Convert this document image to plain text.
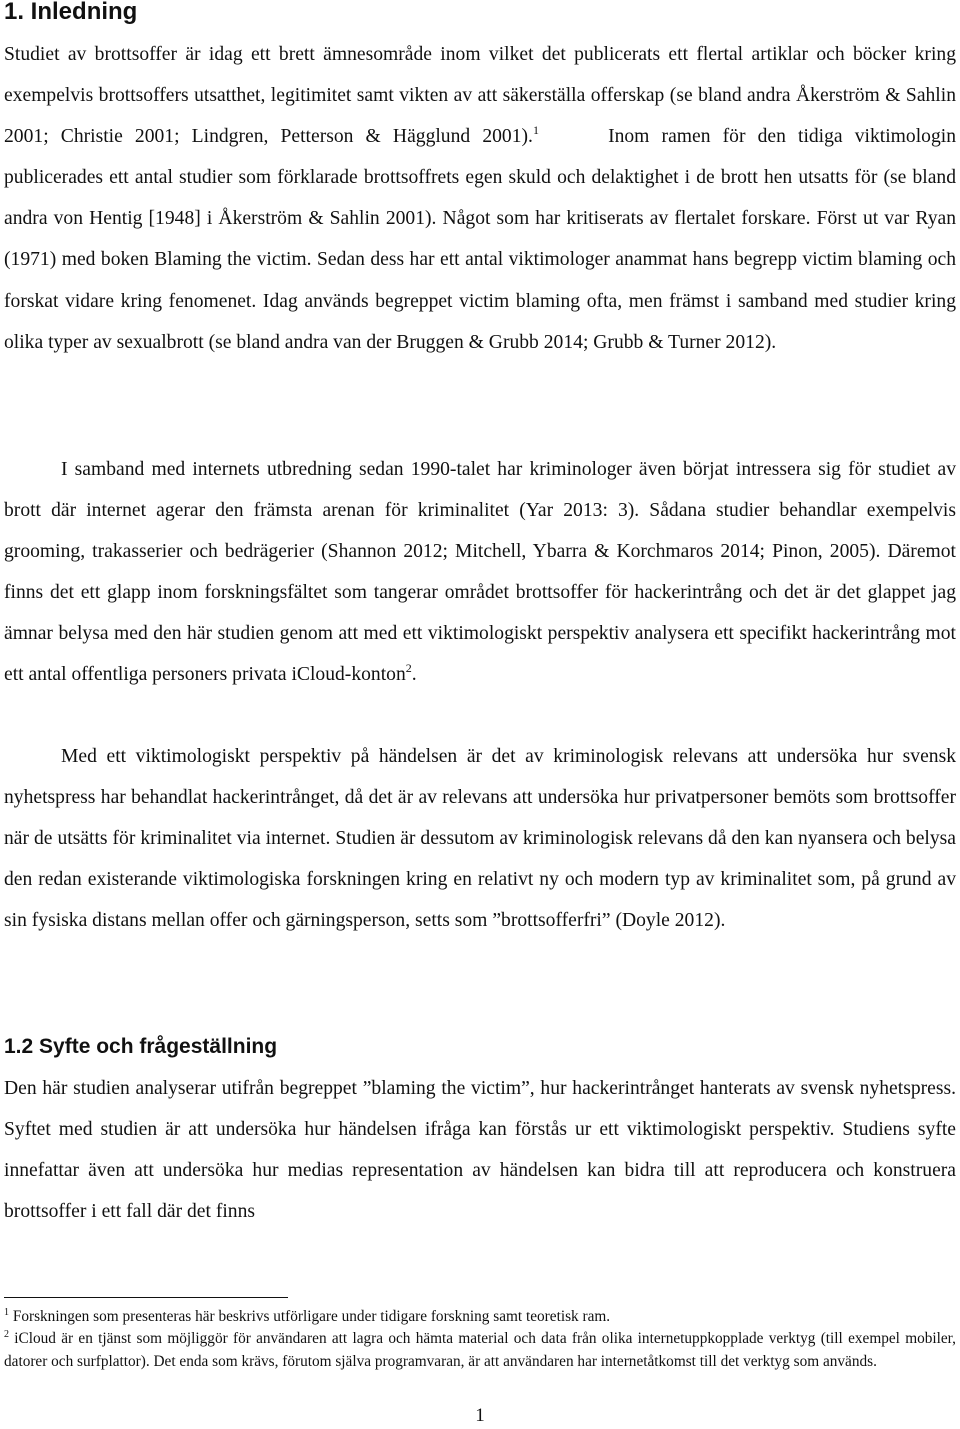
1. Inledning
Studiet av brottsoffer är idag ett brett ämnesområde inom vilket det publicerats ett flertal artiklar och böcker kring exempelvis brottsoffers utsatthet, legitimitet samt vikten av att säkerställa offerskap (se bland andra Åkerström & Sahlin 2001; Christie 2001; Lindgren, Petterson & Hägglund 2001).$^1$	Inom ramen för den tidiga viktimologin publicerades ett antal studier som förklarade brottsoffrets egen skuld och delaktighet i de brott hen utsatts för (se bland andra von Hentig [1948] i Åkerström & Sahlin 2001). Något som har kritiserats av flertalet forskare. Först ut var Ryan (1971) med boken Blaming the victim. Sedan dess har ett antal viktimologer anammat hans begrepp victim blaming och forskat vidare kring fenomenet. Idag används begreppet victim blaming ofta, men främst i samband med studier kring olika typer av sexualbrott (se bland andra van der Bruggen & Grubb 2014; Grubb & Turner 2012).
I samband med internets utbredning sedan 1990-talet har kriminologer även börjat intressera sig för studiet av brott där internet agerar den främsta arenan för kriminalitet (Yar 2013: 3). Sådana studier behandlar exempelvis grooming, trakasserier och bedrägerier (Shannon 2012; Mitchell, Ybarra & Korchmaros 2014; Pinon, 2005). Däremot finns det ett glapp inom forskningsfältet som tangerar området brottsoffer för hackerintrång och det är det glappet jag ämnar belysa med den här studien genom att med ett viktimologiskt perspektiv analysera ett specifikt hackerintrång mot ett antal offentliga personers privata iCloud-konton$^2$.
Med ett viktimologiskt perspektiv på händelsen är det av kriminologisk relevans att undersöka hur svensk nyhetspress har behandlat hackerintrånget, då det är av relevans att undersöka hur privatpersoner bemöts som brottsoffer när de utsätts för kriminalitet via internet. Studien är dessutom av kriminologisk relevans då den kan nyansera och belysa den redan existerande viktimologiska forskningen kring en relativt ny och modern typ av kriminalitet som, på grund av sin fysiska distans mellan offer och gärningsperson, setts som ”brottsofferfri” (Doyle 2012).
1.2 Syfte och frågeställning
Den här studien analyserar utifrån begreppet ”blaming the victim”, hur hackerintrånget hanterats av svensk nyhetspress. Syftet med studien är att undersöka hur händelsen ifråga kan förstås ur ett viktimologiskt perspektiv. Studiens syfte innefattar även att undersöka hur medias representation av händelsen kan bidra till att reproducera och konstruera brottsoffer i ett fall där det finns

$^1$ Forskningen som presenteras här beskrivs utförligare under tidigare forskning samt teoretisk ram.

$^2$ iCloud är en tjänst som möjliggör för användaren att lagra och hämta material och data från olika internetuppkopplade verktyg (till exempel mobiler, datorer och surfplattor). Det enda som krävs, förutom själva programvaran, är att användaren har internetåtkomst till det verktyg som används.

1
